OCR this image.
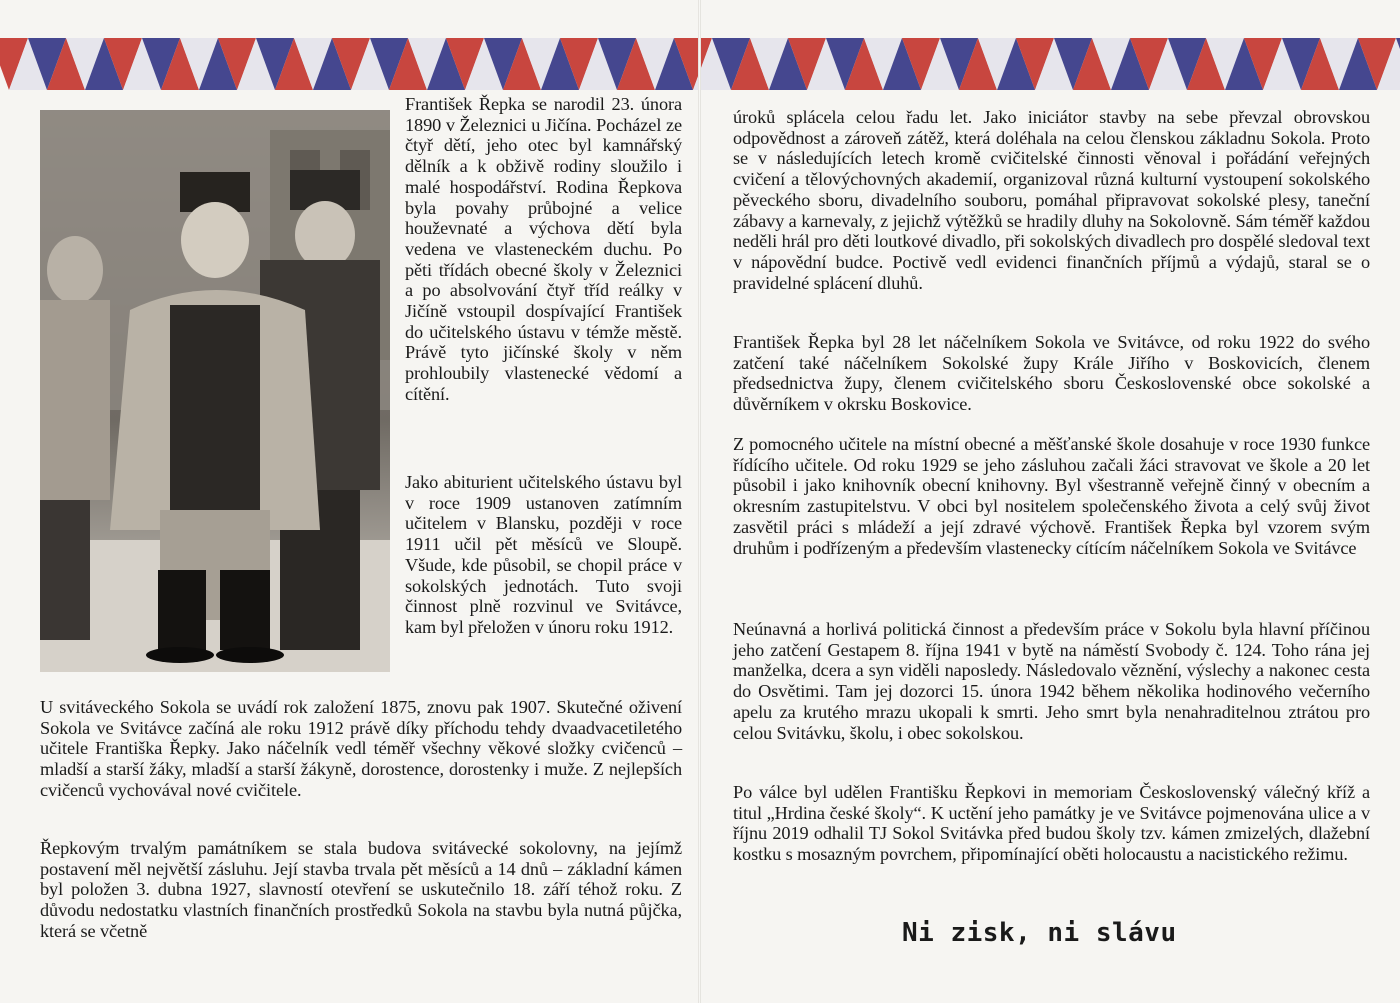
František Řepka se narodil 23. února 1890 v Železnici u Jičína. Pocházel ze čtyř dětí, jeho otec byl kamnářský dělník a k obživě rodiny sloužilo i malé hospodářství. Rodina Řepkova byla povahy průbojné a velice houževnaté a výchova dětí byla vedena ve vlasteneckém duchu. Po pěti třídách obecné školy v Železnici a po absolvování čtyř tříd reálky v Jičíně vstoupil dospívající František do učitelského ústavu v témže městě. Právě tyto jičínské školy v něm prohloubily vlastenecké vědomí a cítění.
Jako abiturient učitelského ústavu byl v roce 1909 ustanoven zatímním učitelem v Blansku, později v roce 1911 učil pět měsíců ve Sloupě. Všude, kde působil, se chopil práce v sokolských jednotách. Tuto svoji činnost plně rozvinul ve Svitávce, kam byl přeložen v únoru roku 1912.
U svitáveckého Sokola se uvádí rok založení 1875, znovu pak 1907. Skutečné oživení Sokola ve Svitávce začíná ale roku 1912 právě díky příchodu tehdy dvaadvacetiletého učitele Františka Řepky. Jako náčelník vedl téměř všechny věkové složky cvičenců – mladší a starší žáky, mladší a starší žákyně, dorostence, dorostenky i muže. Z nejlepších cvičenců vychovával nové cvičitele.
Řepkovým trvalým památníkem se stala budova svitávecké sokolovny, na jejímž postavení měl největší zásluhu. Její stavba trvala pět měsíců a 14 dnů – základní kámen byl položen 3. dubna 1927, slavností otevření se uskutečnilo 18. září téhož roku. Z důvodu nedostatku vlastních finančních prostředků Sokola na stavbu byla nutná půjčka, která se včetně
úroků splácela celou řadu let. Jako iniciátor stavby na sebe převzal obrovskou odpovědnost a zároveň zátěž, která doléhala na celou členskou základnu Sokola. Proto se v následujících letech kromě cvičitelské činnosti věnoval i pořádání veřejných cvičení a tělovýchovných akademií, organizoval různá kulturní vystoupení sokolského pěveckého sboru, divadelního souboru, pomáhal připravovat sokolské plesy, taneční zábavy a karnevaly, z jejichž výtěžků se hradily dluhy na Sokolovně. Sám téměř každou neděli hrál pro děti loutkové divadlo, při sokolských divadlech pro dospělé sledoval text v nápovědní budce. Poctivě vedl evidenci finančních příjmů a výdajů, staral se o pravidelné splácení dluhů.
František Řepka byl 28 let náčelníkem Sokola ve Svitávce, od roku 1922 do svého zatčení také náčelníkem Sokolské župy Krále Jiřího v Boskovicích, členem předsednictva župy, členem cvičitelského sboru Československé obce sokolské a důvěrníkem v okrsku Boskovice.
Z pomocného učitele na místní obecné a měšťanské škole dosahuje v roce 1930 funkce řídícího učitele. Od roku 1929 se jeho zásluhou začali žáci stravovat ve škole a 20 let působil i jako knihovník obecní knihovny. Byl všestranně veřejně činný v obecním a okresním zastupitelstvu. V obci byl nositelem společenského života a celý svůj život zasvětil práci s mládeží a její zdravé výchově. František Řepka byl vzorem svým druhům i podřízeným a především vlastenecky cítícím náčelníkem Sokola ve Svitávce
Neúnavná a horlivá politická činnost a především práce v Sokolu byla hlavní příčinou jeho zatčení Gestapem 8. října 1941 v bytě na náměstí Svobody č. 124. Toho rána jej manželka, dcera a syn viděli naposledy. Následovalo věznění, výslechy a nakonec cesta do Osvětimi. Tam jej dozorci 15. února 1942 během několika hodinového večerního apelu za krutého mrazu ukopali k smrti. Jeho smrt byla nenahraditelnou ztrátou pro celou Svitávku, školu, i obec sokolskou.
Po válce byl udělen Františku Řepkovi in memoriam Československý válečný kříž a titul „Hrdina české školy“. K uctění jeho památky je ve Svitávce pojmenována ulice a v říjnu 2019 odhalil TJ Sokol Svitávka před budou školy tzv. kámen zmizelých, dlažební kostku s mosazným povrchem, připomínající oběti holocaustu a nacistického režimu.
Ni zisk, ni slávu
